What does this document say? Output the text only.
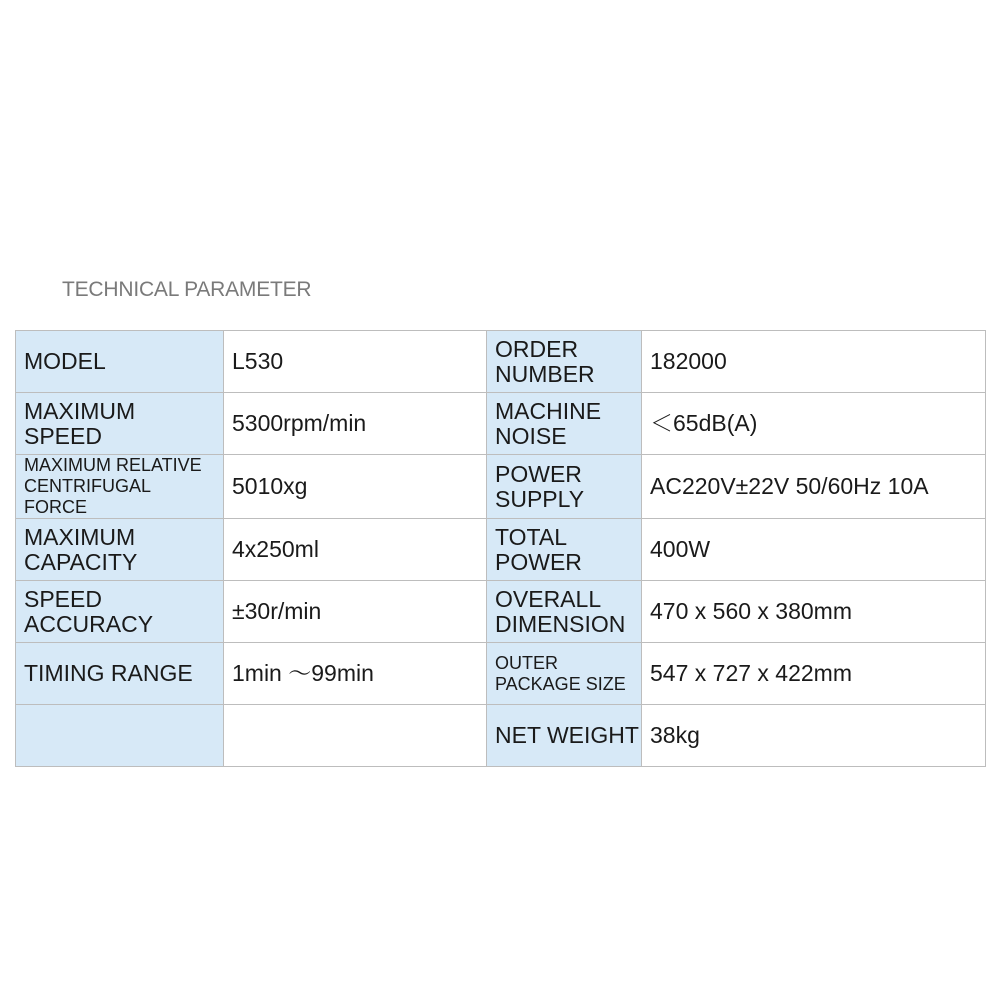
TECHNICAL PARAMETER
MODEL	L530	ORDER NUMBER	182000
MAXIMUM SPEED	5300rpm/min	MACHINE NOISE	＜65dB(A)
MAXIMUM RELATIVE CENTRIFUGAL FORCE	5010xg	POWER SUPPLY	AC220V±22V 50/60Hz 10A
MAXIMUM CAPACITY	4x250ml	TOTAL POWER	400W
SPEED ACCURACY	±30r/min	OVERALL DIMENSION	470 x 560 x 380mm
TIMING RANGE	1min ～99min	OUTER PACKAGE SIZE	547 x 727 x 422mm
		NET WEIGHT	38kg
